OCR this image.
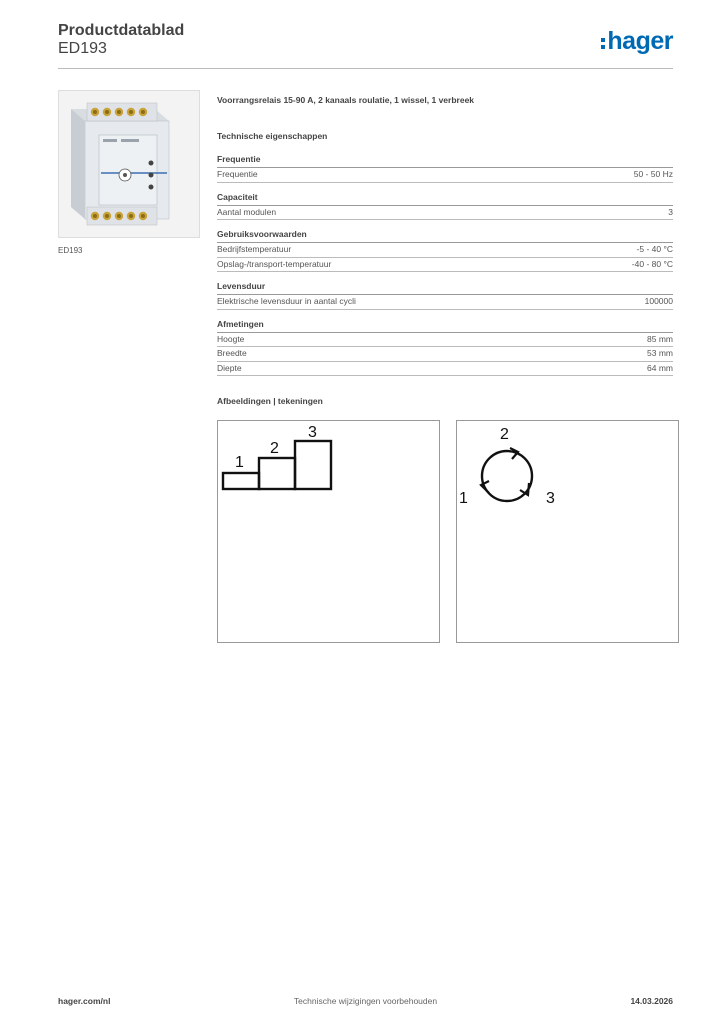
Productdatablad
ED193	hager
ED193
Voorrangsrelais 15-90 A, 2 kanaals roulatie, 1 wissel, 1 verbreek
Technische eigenschappen
Frequentie
Frequentie	50 - 50 Hz
Capaciteit
Aantal modulen	3
Gebruiksvoorwaarden
Bedrijfstemperatuur	-5 - 40 °C
Opslag-/transport-temperatuur	-40 - 80 °C
Levensduur
Elektrische levensduur in aantal cycli	100000
Afmetingen
Hoogte	85 mm
Breedte	53 mm
Diepte	64 mm
Afbeeldingen | tekeningen
1
2
3	2
1	3
hager.com/nl	Technische wijzigingen voorbehouden	14.03.2026
